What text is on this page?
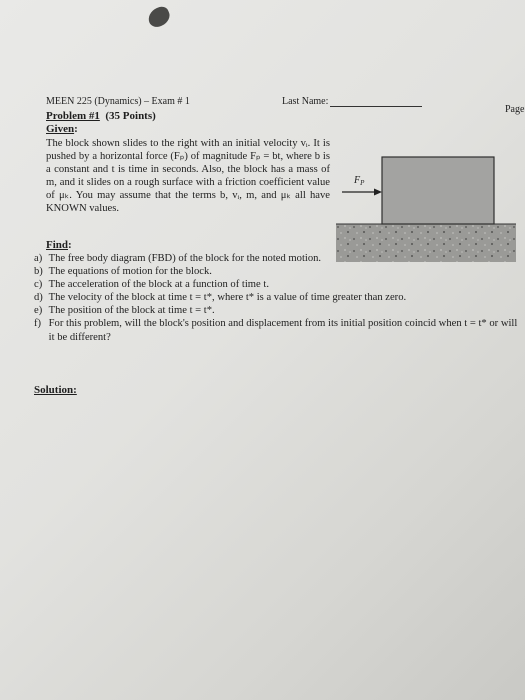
MEEN 225 (Dynamics) – Exam # 1	Last Name:
Page
Problem #1 (35 Points)
Given:
The block shown slides to the right with an initial velocity vᵢ. It is pushed by a horizontal force (Fₚ) of magnitude Fₚ = bt, where b is a constant and t is time in seconds. Also, the block has a mass of m, and it slides on a rough surface with a friction coefficient value of μₖ. You may assume that the terms b, vᵢ, m, and μₖ all have KNOWN values.
$F_P$
Find:
a)
The free body diagram (FBD) of the block for the noted motion.
b)
The equations of motion for the block.
c)
The acceleration of the block at a function of time t.
d)
The velocity of the block at time t = t*, where t* is a value of time greater than zero.
e)
The position of the block at time t = t*.
f)
For this problem, will the block's position and displacement from its initial position coincid when t = t* or will it be different?
Solution:
